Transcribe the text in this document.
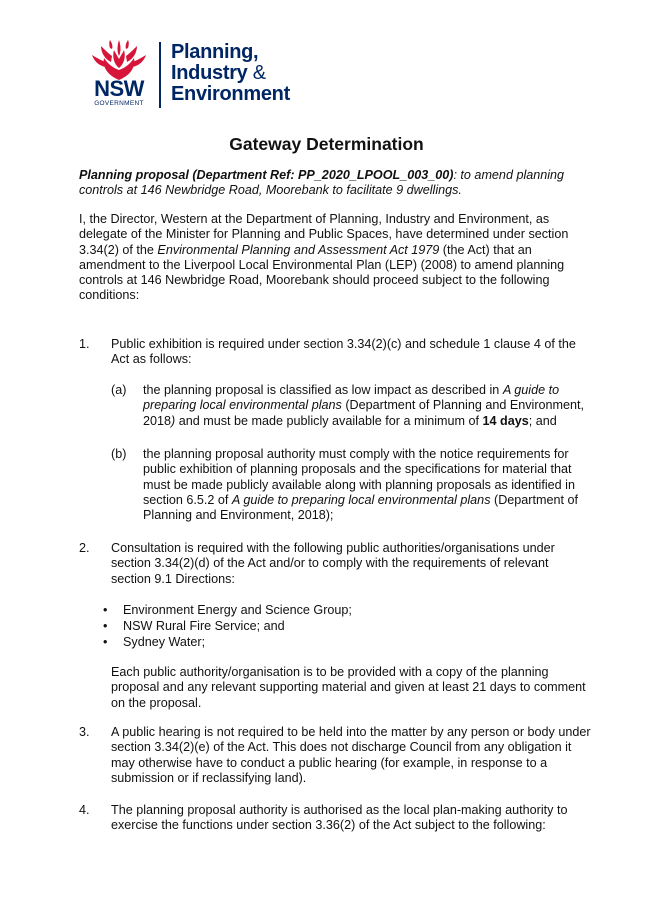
NSW
GOVERNMENT
Planning,
Industry &
Environment
Gateway Determination

Planning proposal (Department Ref: PP_2020_LPOOL_003_00): to amend planning controls at 146 Newbridge Road, Moorebank to facilitate 9 dwellings.

I, the Director, Western at the Department of Planning, Industry and Environment, as delegate of the Minister for Planning and Public Spaces, have determined under section 3.34(2) of the Environmental Planning and Assessment Act 1979 (the Act) that an amendment to the Liverpool Local Environmental Plan (LEP) (2008) to amend planning controls at 146 Newbridge Road, Moorebank should proceed subject to the following conditions:

1. Public exhibition is required under section 3.34(2)(c) and schedule 1 clause 4 of the Act as follows:
(a) the planning proposal is classified as low impact as described in A guide to preparing local environmental plans (Department of Planning and Environment, 2018) and must be made publicly available for a minimum of 14 days; and
(b) the planning proposal authority must comply with the notice requirements for public exhibition of planning proposals and the specifications for material that must be made publicly available along with planning proposals as identified in section 6.5.2 of A guide to preparing local environmental plans (Department of Planning and Environment, 2018);
2. Consultation is required with the following public authorities/organisations under section 3.34(2)(d) of the Act and/or to comply with the requirements of relevant section 9.1 Directions:
• Environment Energy and Science Group;
• NSW Rural Fire Service; and
• Sydney Water;
Each public authority/organisation is to be provided with a copy of the planning proposal and any relevant supporting material and given at least 21 days to comment on the proposal.
3. A public hearing is not required to be held into the matter by any person or body under section 3.34(2)(e) of the Act. This does not discharge Council from any obligation it may otherwise have to conduct a public hearing (for example, in response to a submission or if reclassifying land).
4. The planning proposal authority is authorised as the local plan-making authority to exercise the functions under section 3.36(2) of the Act subject to the following:
